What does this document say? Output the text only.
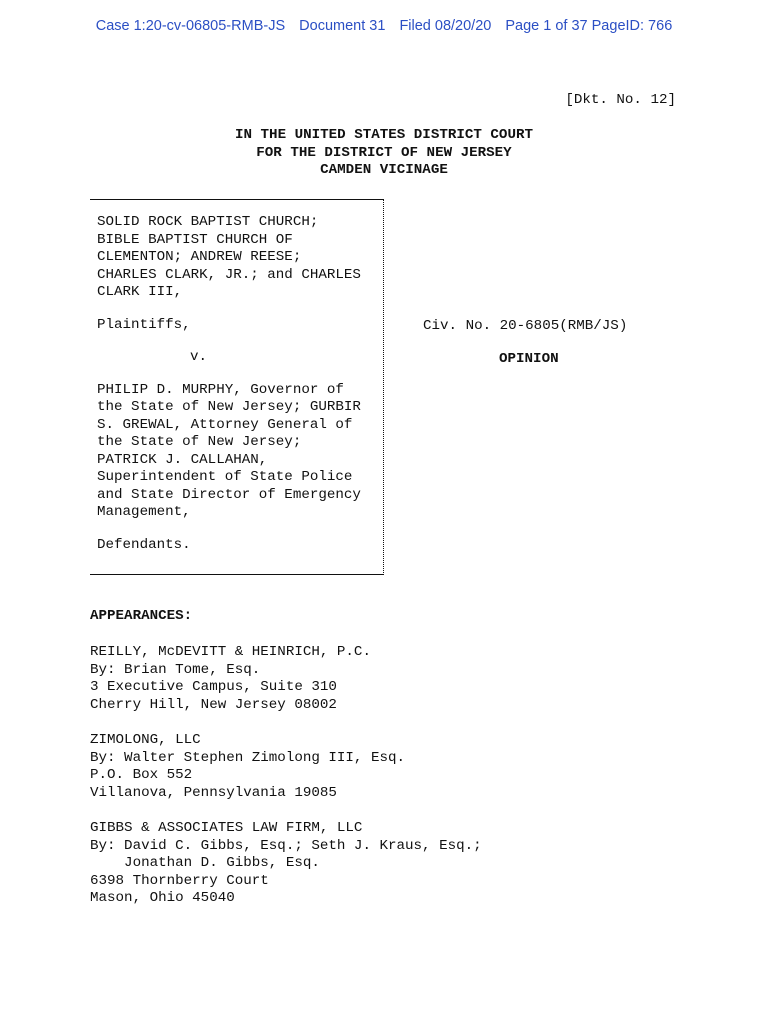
Case 1:20-cv-06805-RMB-JS Document 31 Filed 08/20/20 Page 1 of 37 PageID: 766
[Dkt. No. 12]
IN THE UNITED STATES DISTRICT COURT
FOR THE DISTRICT OF NEW JERSEY
CAMDEN VICINAGE
SOLID ROCK BAPTIST CHURCH;
BIBLE BAPTIST CHURCH OF
CLEMENTON; ANDREW REESE;
CHARLES CLARK, JR.; and CHARLES
CLARK III,
Plaintiffs,
v.
PHILIP D. MURPHY, Governor of
the State of New Jersey; GURBIR
S. GREWAL, Attorney General of
the State of New Jersey;
PATRICK J. CALLAHAN,
Superintendent of State Police
and State Director of Emergency
Management,
Defendants.
Civ. No. 20-6805(RMB/JS)
OPINION
APPEARANCES:
REILLY, McDEVITT & HEINRICH, P.C.
By: Brian Tome, Esq.
3 Executive Campus, Suite 310
Cherry Hill, New Jersey 08002
ZIMOLONG, LLC
By: Walter Stephen Zimolong III, Esq.
P.O. Box 552
Villanova, Pennsylvania 19085
GIBBS & ASSOCIATES LAW FIRM, LLC
By: David C. Gibbs, Esq.; Seth J. Kraus, Esq.;
Jonathan D. Gibbs, Esq.
6398 Thornberry Court
Mason, Ohio 45040
